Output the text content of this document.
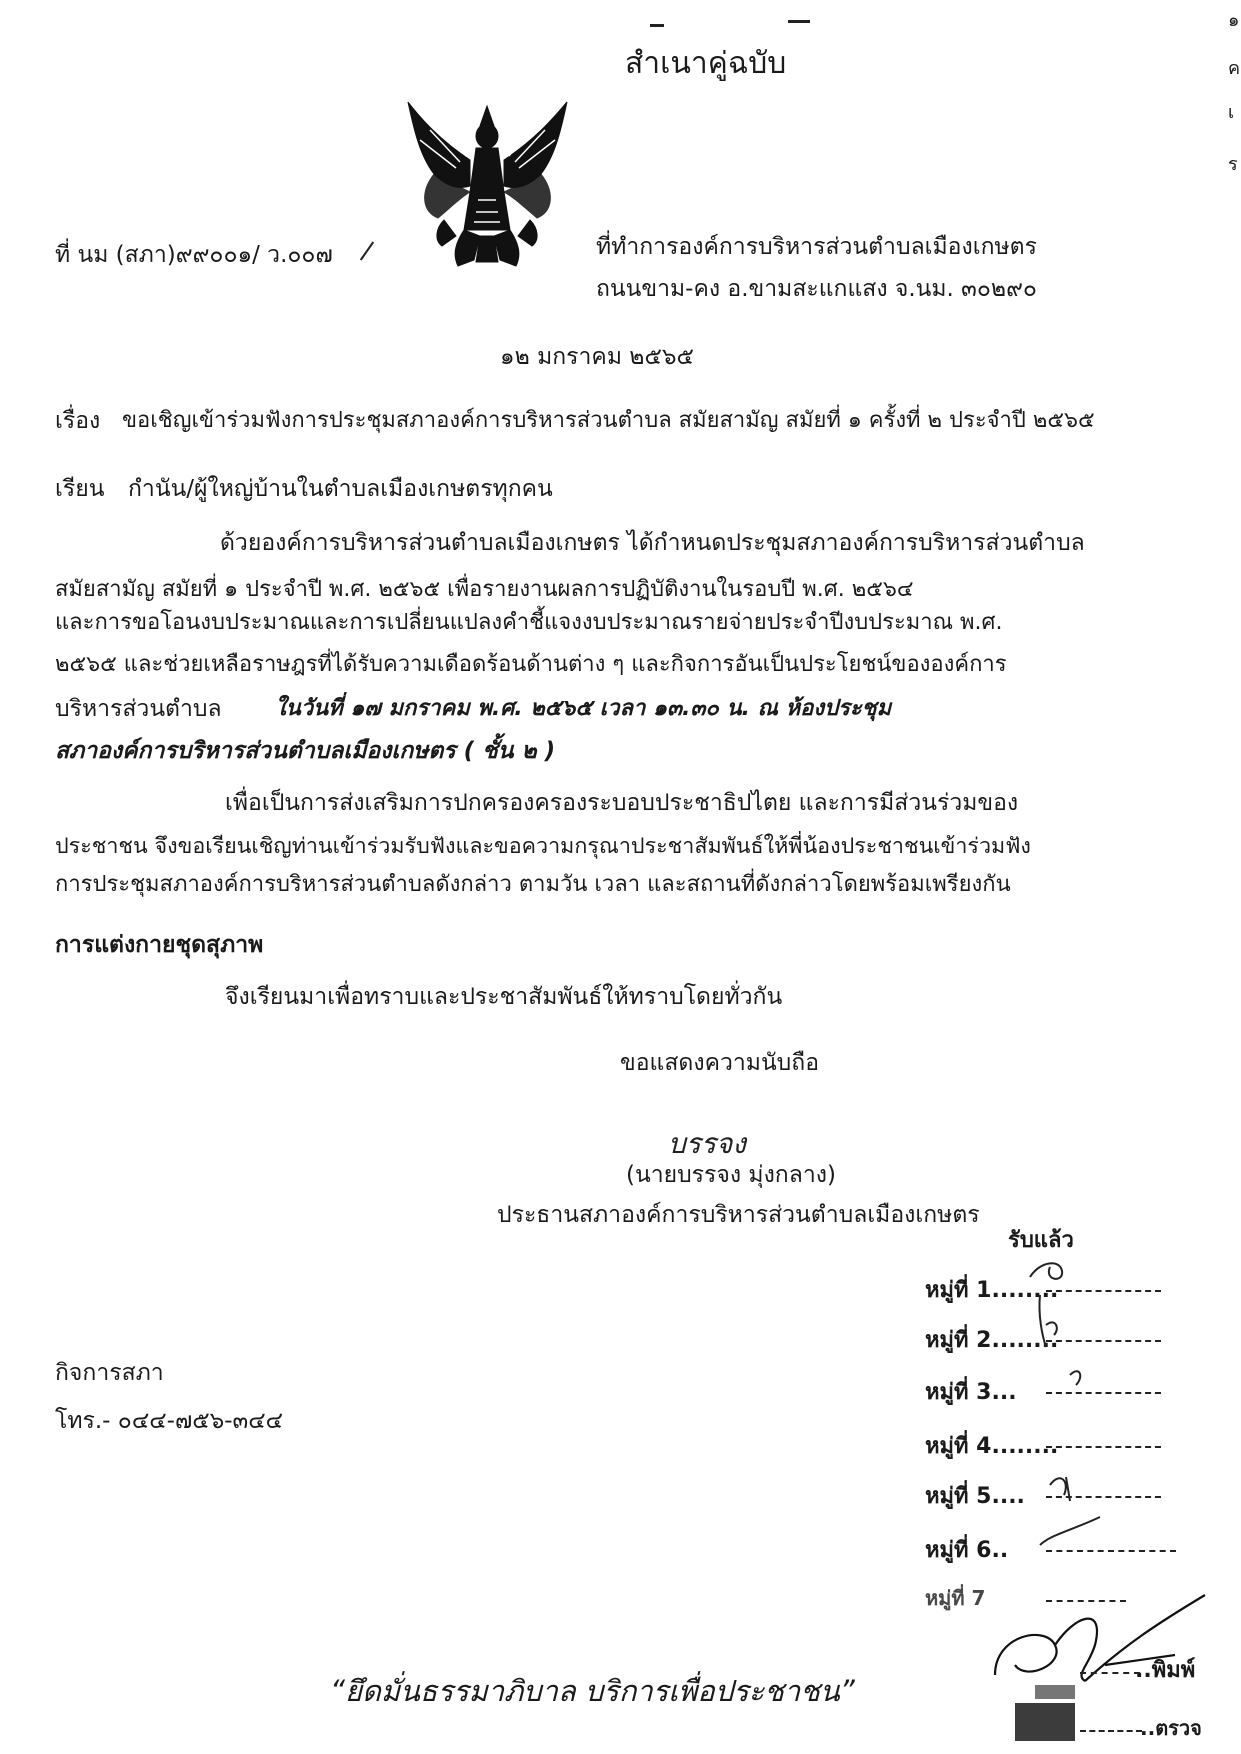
๑
ค
เ
ร
สำเนาคู่ฉบับ
ที่ นม (สภา)๙๙๐๐๑/ ว.๐๐๗	ที่ทำการองค์การบริหารส่วนตำบลเมืองเกษตร
ถนนขาม-คง อ.ขามสะแกแสง จ.นม. ๓๐๒๙๐
๑๒ มกราคม ๒๕๖๕
เรื่อง ขอเชิญเข้าร่วมฟังการประชุมสภาองค์การบริหารส่วนตำบล สมัยสามัญ สมัยที่ ๑ ครั้งที่ ๒ ประจำปี ๒๕๖๕
เรียน กำนัน/ผู้ใหญ่บ้านในตำบลเมืองเกษตรทุกคน
ด้วยองค์การบริหารส่วนตำบลเมืองเกษตร ได้กำหนดประชุมสภาองค์การบริหารส่วนตำบล
สมัยสามัญ สมัยที่ ๑ ประจำปี พ.ศ. ๒๕๖๕ เพื่อรายงานผลการปฏิบัติงานในรอบปี พ.ศ. ๒๕๖๔
และการขอโอนงบประมาณและการเปลี่ยนแปลงคำชี้แจงงบประมาณรายจ่ายประจำปีงบประมาณ พ.ศ.
๒๕๖๕ และช่วยเหลือราษฎรที่ได้รับความเดือดร้อนด้านต่าง ๆ และกิจการอันเป็นประโยชน์ขององค์การ
บริหารส่วนตำบล ในวันที่ ๑๗ มกราคม พ.ศ. ๒๕๖๕ เวลา ๑๓.๓๐ น. ณ ห้องประชุม
สภาองค์การบริหารส่วนตำบลเมืองเกษตร ( ชั้น ๒ )
เพื่อเป็นการส่งเสริมการปกครองครองระบอบประชาธิปไตย และการมีส่วนร่วมของ
ประชาชน จึงขอเรียนเชิญท่านเข้าร่วมรับฟังและขอความกรุณาประชาสัมพันธ์ให้พี่น้องประชาชนเข้าร่วมฟัง
การประชุมสภาองค์การบริหารส่วนตำบลดังกล่าว ตามวัน เวลา และสถานที่ดังกล่าวโดยพร้อมเพรียงกัน
การแต่งกายชุดสุภาพ
จึงเรียนมาเพื่อทราบและประชาสัมพันธ์ให้ทราบโดยทั่วกัน
ขอแสดงความนับถือ
บรรจง
(นายบรรจง มุ่งกลาง)
ประธานสภาองค์การบริหารส่วนตำบลเมืองเกษตร
กิจการสภา
โทร.- ๐๔๔-๗๕๖-๓๔๔
“ยึดมั่นธรรมาภิบาล บริการเพื่อประชาชน”
รับแล้ว
หมู่ที่ 1........
หมู่ที่ 2........
หมู่ที่ 3...
หมู่ที่ 4........
หมู่ที่ 5....
หมู่ที่ 6..
หมู่ที่ 7
..พิมพ์
..ตรวจ
